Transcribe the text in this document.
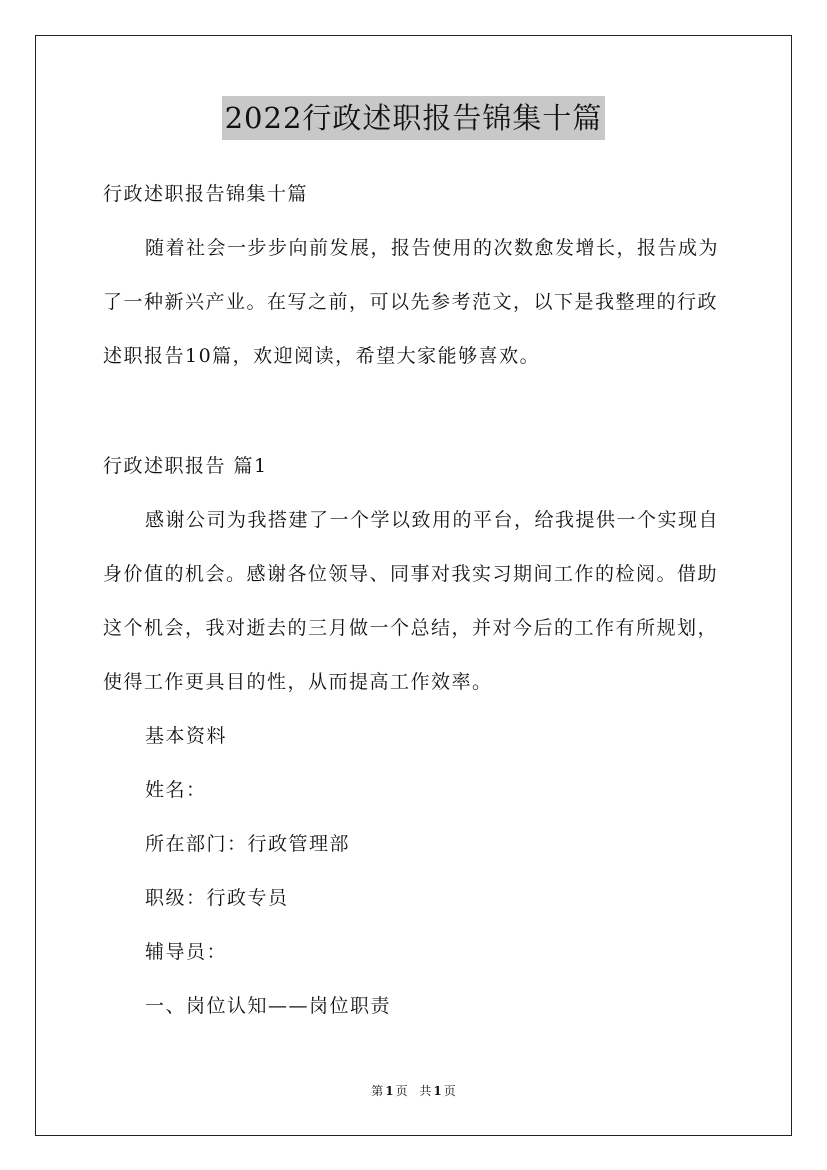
2022行政述职报告锦集十篇
行政述职报告锦集十篇
随着社会一步步向前发展，报告使用的次数愈发增长，报告成为
了一种新兴产业。在写之前，可以先参考范文，以下是我整理的行政
述职报告10篇，欢迎阅读，希望大家能够喜欢。
行政述职报告 篇1
感谢公司为我搭建了一个学以致用的平台，给我提供一个实现自
身价值的机会。感谢各位领导、同事对我实习期间工作的检阅。借助
这个机会，我对逝去的三月做一个总结，并对今后的工作有所规划，
使得工作更具目的性，从而提高工作效率。
基本资料
姓名：
所在部门：行政管理部
职级：行政专员
辅导员：
一、岗位认知——岗位职责
第 1 页 共 1 页
